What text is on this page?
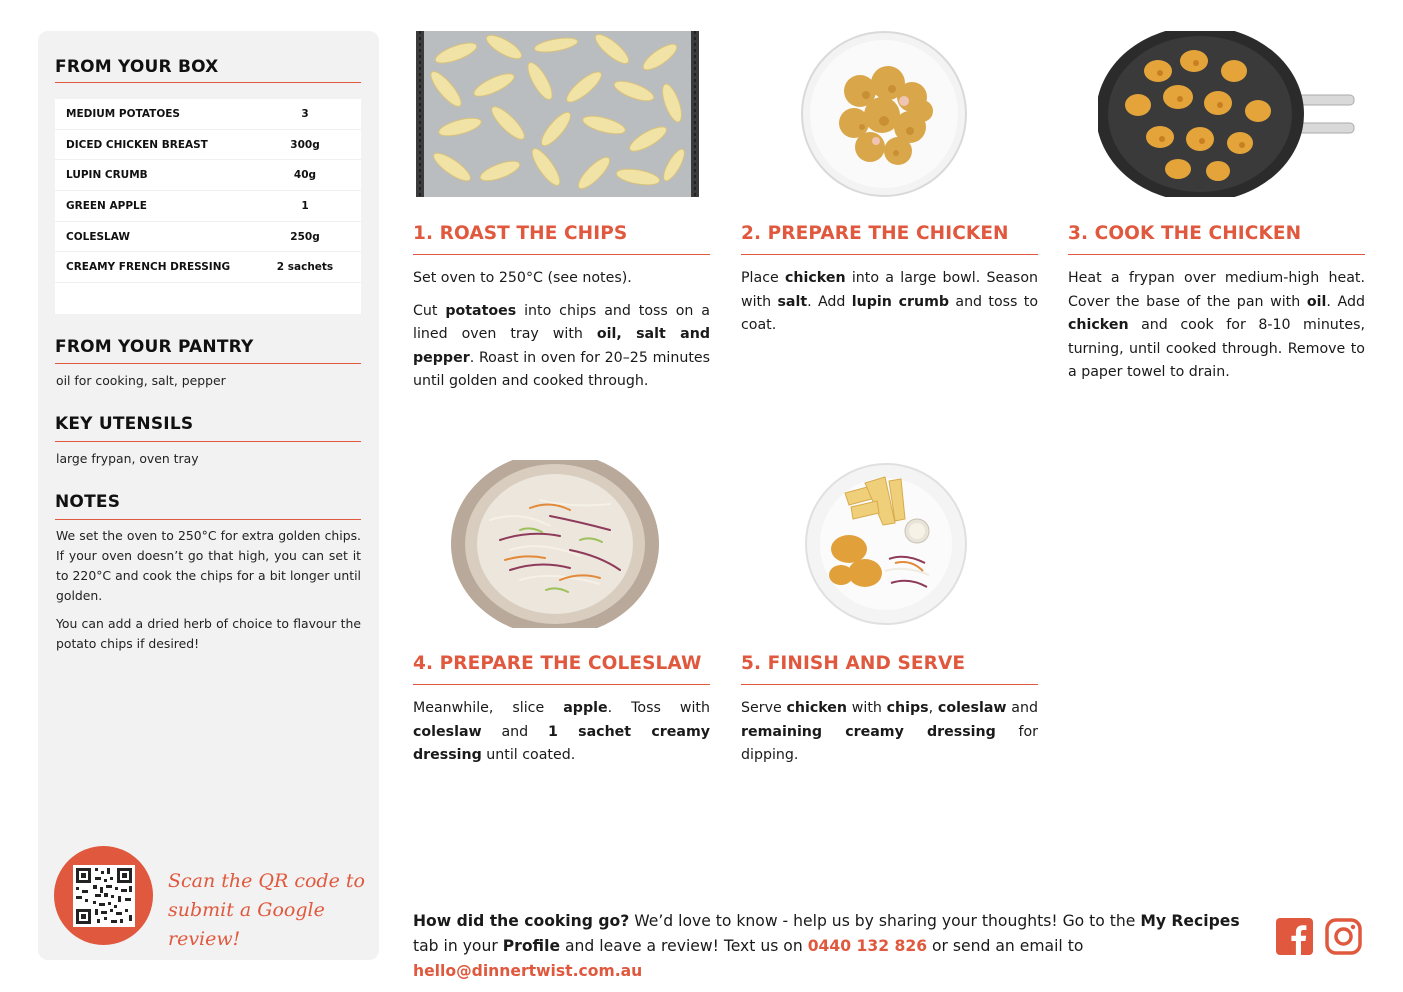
FROM YOUR BOX
MEDIUM POTATOES	3
DICED CHICKEN BREAST	300g
LUPIN CRUMB	40g
GREEN APPLE	1
COLESLAW	250g
CREAMY FRENCH DRESSING	2 sachets
FROM YOUR PANTRY

oil for cooking, salt, pepper

KEY UTENSILS

large frypan, oven tray

NOTES

We set the oven to 250°C for extra golden chips. If your oven doesn’t go that high, you can set it to 220°C and cook the chips for a bit longer until golden.

You can add a dried herb of choice to flavour the potato chips if desired!

Scan the QR code to submit a Google review!
1. ROAST THE CHIPS

Set oven to 250°C (see notes).

Cut potatoes into chips and toss on a lined oven tray with oil, salt and pepper. Roast in oven for 20–25 minutes until golden and cooked through.

2. PREPARE THE CHICKEN

Place chicken into a large bowl. Season with salt. Add lupin crumb and toss to coat.

3. COOK THE CHICKEN

Heat a frypan over medium-high heat. Cover the base of the pan with oil. Add chicken and cook for 8-10 minutes, turning, until cooked through. Remove to a paper towel to drain.

4. PREPARE THE COLESLAW

Meanwhile, slice apple. Toss with coleslaw and 1 sachet creamy dressing until coated.

5. FINISH AND SERVE

Serve chicken with chips, coleslaw and remaining creamy dressing for dipping.

How did the cooking go? We’d love to know - help us by sharing your thoughts! Go to the My Recipes tab in your Profile and leave a review! Text us on 0440 132 826 or send an email to hello@dinnertwist.com.au
